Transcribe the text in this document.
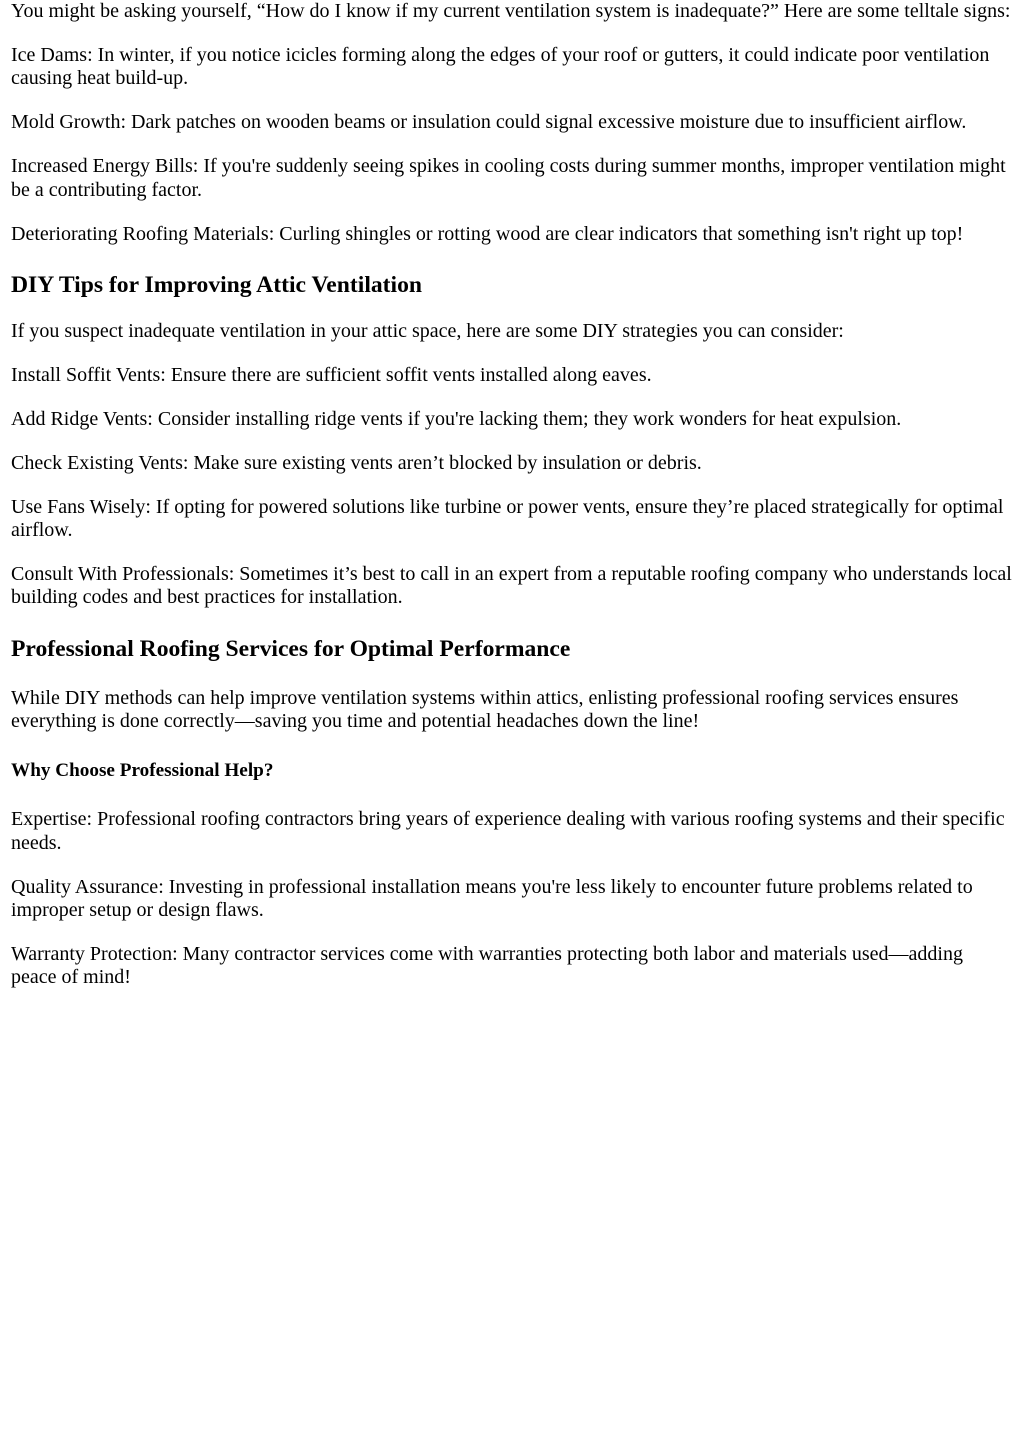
You might be asking yourself, “How do I know if my current ventilation system is inadequate?” Here are some telltale signs:

Ice Dams: In winter, if you notice icicles forming along the edges of your roof or gutters, it could indicate poor ventilation causing heat build-up.

Mold Growth: Dark patches on wooden beams or insulation could signal excessive moisture due to insufficient airflow.

Increased Energy Bills: If you're suddenly seeing spikes in cooling costs during summer months, improper ventilation might be a contributing factor.

Deteriorating Roofing Materials: Curling shingles or rotting wood are clear indicators that something isn't right up top!

DIY Tips for Improving Attic Ventilation

If you suspect inadequate ventilation in your attic space, here are some DIY strategies you can consider:

Install Soffit Vents: Ensure there are sufficient soffit vents installed along eaves.

Add Ridge Vents: Consider installing ridge vents if you're lacking them; they work wonders for heat expulsion.

Check Existing Vents: Make sure existing vents aren’t blocked by insulation or debris.

Use Fans Wisely: If opting for powered solutions like turbine or power vents, ensure they’re placed strategically for optimal airflow.

Consult With Professionals: Sometimes it’s best to call in an expert from a reputable roofing company who understands local building codes and best practices for installation.

Professional Roofing Services for Optimal Performance

While DIY methods can help improve ventilation systems within attics, enlisting professional roofing services ensures everything is done correctly—saving you time and potential headaches down the line!

Why Choose Professional Help?

Expertise: Professional roofing contractors bring years of experience dealing with various roofing systems and their specific needs.

Quality Assurance: Investing in professional installation means you're less likely to encounter future problems related to improper setup or design flaws.

Warranty Protection: Many contractor services come with warranties protecting both labor and materials used—adding peace of mind!
